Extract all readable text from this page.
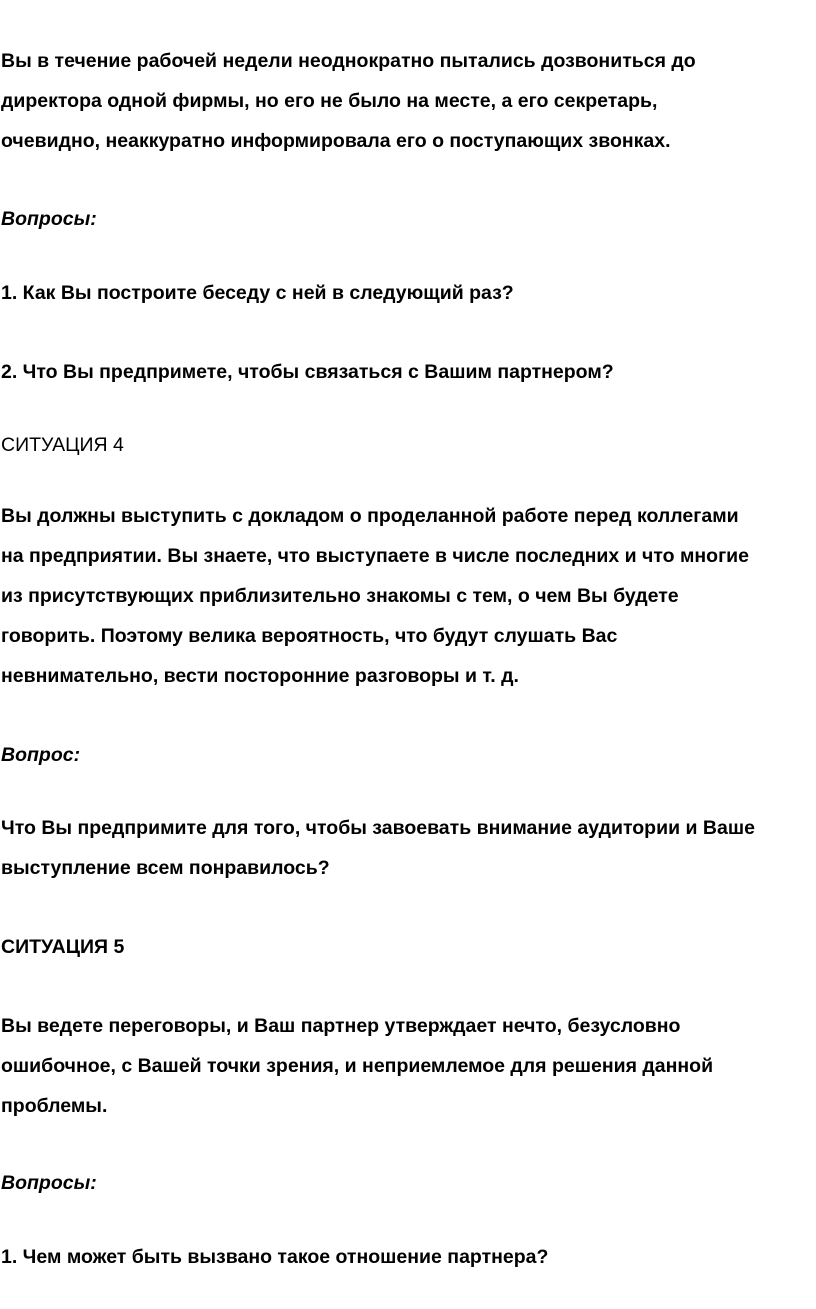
Вы в течение рабочей недели неоднократно пытались дозвониться до
директора одной фирмы, но его не было на месте, а его секретарь,
очевидно, неаккуратно информировала его о поступающих звонках.
Вопросы:
1. Как Вы построите беседу с ней в следующий раз?
2. Что Вы предпримете, чтобы связаться с Вашим партнером?
СИТУАЦИЯ 4
Вы должны выступить с докладом о проделанной работе перед коллегами
на предприятии. Вы знаете, что выступаете в числе последних и что многие
из присутствующих приблизительно знакомы с тем, о чем Вы будете
говорить. Поэтому велика вероятность, что будут слушать Вас
невнимательно, вести посторонние разговоры и т. д.
Вопрос:
Что Вы предпримите для того, чтобы завоевать внимание аудитории и Ваше
выступление всем понравилось?
СИТУАЦИЯ 5
Вы ведете переговоры, и Ваш партнер утверждает нечто, безусловно
ошибочное, с Вашей точки зрения, и неприемлемое для решения данной
проблемы.
Вопросы:
1. Чем может быть вызвано такое отношение партнера?
